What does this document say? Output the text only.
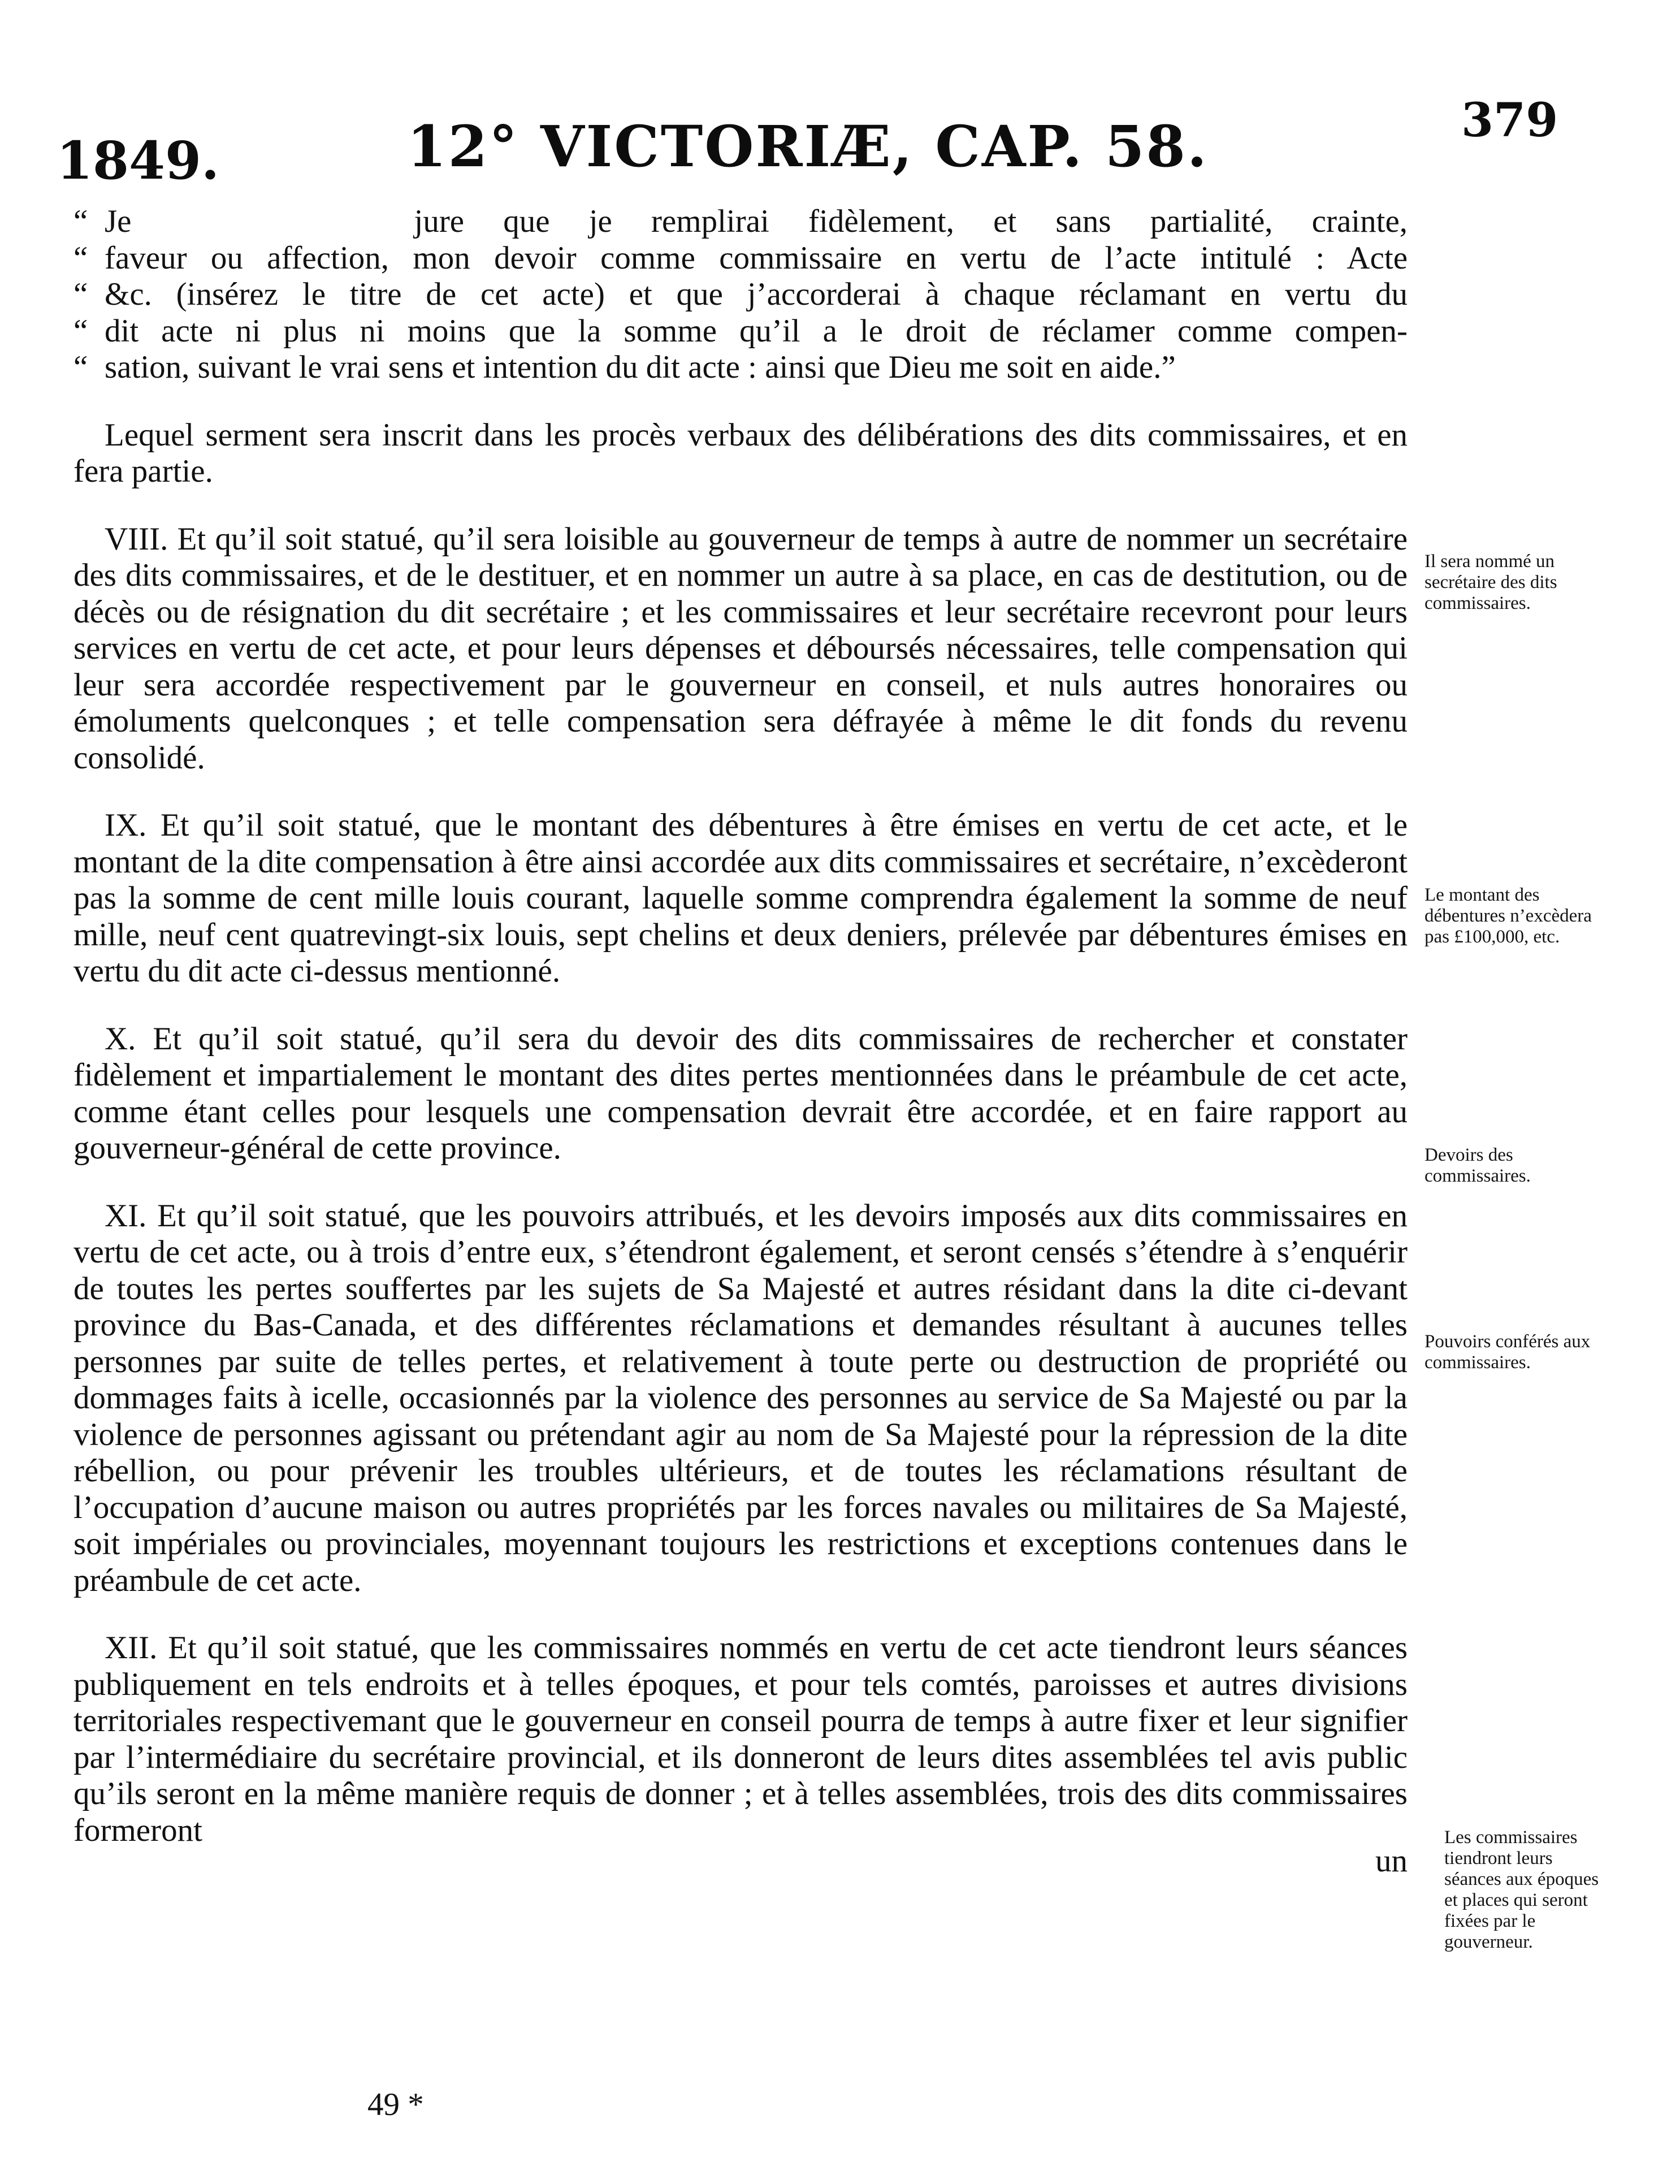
1849.	12° VICTORIÆ, CAP. 58.	379
“ Je	jure que je remplirai fidèlement, et sans partialité, crainte,
“ faveur ou affection, mon devoir comme commissaire en vertu de l’acte intitulé : Acte
“ &c. (insérez le titre de cet acte) et que j’accorderai à chaque réclamant en vertu du
“ dit acte ni plus ni moins que la somme qu’il a le droit de réclamer comme compen-
“ sation, suivant le vrai sens et intention du dit acte : ainsi que Dieu me soit en aide.”

Lequel serment sera inscrit dans les procès verbaux des délibérations des dits commissaires, et en fera partie.

VIII. Et qu’il soit statué, qu’il sera loisible au gouverneur de temps à autre de nommer un secrétaire des dits commissaires, et de le destituer, et en nommer un autre à sa place, en cas de destitution, ou de décès ou de résignation du dit secrétaire ; et les commissaires et leur secrétaire recevront pour leurs services en vertu de cet acte, et pour leurs dépenses et déboursés nécessaires, telle compensation qui leur sera accordée respectivement par le gouverneur en conseil, et nuls autres honoraires ou émoluments quelconques ; et telle compensation sera défrayée à même le dit fonds du revenu consolidé.

IX. Et qu’il soit statué, que le montant des débentures à être émises en vertu de cet acte, et le montant de la dite compensation à être ainsi accordée aux dits commissaires et secrétaire, n’excèderont pas la somme de cent mille louis courant, laquelle somme comprendra également la somme de neuf mille, neuf cent quatrevingt-six louis, sept chelins et deux deniers, prélevée par débentures émises en vertu du dit acte ci-dessus mentionné.

X. Et qu’il soit statué, qu’il sera du devoir des dits commissaires de rechercher et constater fidèlement et impartialement le montant des dites pertes mentionnées dans le préambule de cet acte, comme étant celles pour lesquels une compensation devrait être accordée, et en faire rapport au gouverneur-général de cette province.

XI. Et qu’il soit statué, que les pouvoirs attribués, et les devoirs imposés aux dits commissaires en vertu de cet acte, ou à trois d’entre eux, s’étendront également, et seront censés s’étendre à s’enquérir de toutes les pertes souffertes par les sujets de Sa Majesté et autres résidant dans la dite ci-devant province du Bas-Canada, et des différentes réclamations et demandes résultant à aucunes telles personnes par suite de telles pertes, et relativement à toute perte ou destruction de propriété ou dommages faits à icelle, occasionnés par la violence des personnes au service de Sa Majesté ou par la violence de personnes agissant ou prétendant agir au nom de Sa Majesté pour la répression de la dite rébellion, ou pour prévenir les troubles ultérieurs, et de toutes les réclamations résultant de l’occupation d’aucune maison ou autres propriétés par les forces navales ou militaires de Sa Majesté, soit impériales ou provinciales, moyennant toujours les restrictions et exceptions contenues dans le préambule de cet acte.

XII. Et qu’il soit statué, que les commissaires nommés en vertu de cet acte tiendront leurs séances publiquement en tels endroits et à telles époques, et pour tels comtés, paroisses et autres divisions territoriales respectivemant que le gouverneur en conseil pourra de temps à autre fixer et leur signifier par l’intermédiaire du secrétaire provincial, et ils donneront de leurs dites assemblées tel avis public qu’ils seront en la même manière requis de donner ; et à telles assemblées, trois des dits commissaires formeront

un
Il sera nommé un secrétaire des dits commissaires.
Le montant des débentures n’excèdera pas £100,000, etc.
Devoirs des commissaires.
Pouvoirs conférés aux commissaires.
Les commissaires tiendront leurs séances aux époques et places qui seront fixées par le gouverneur.
49 *
